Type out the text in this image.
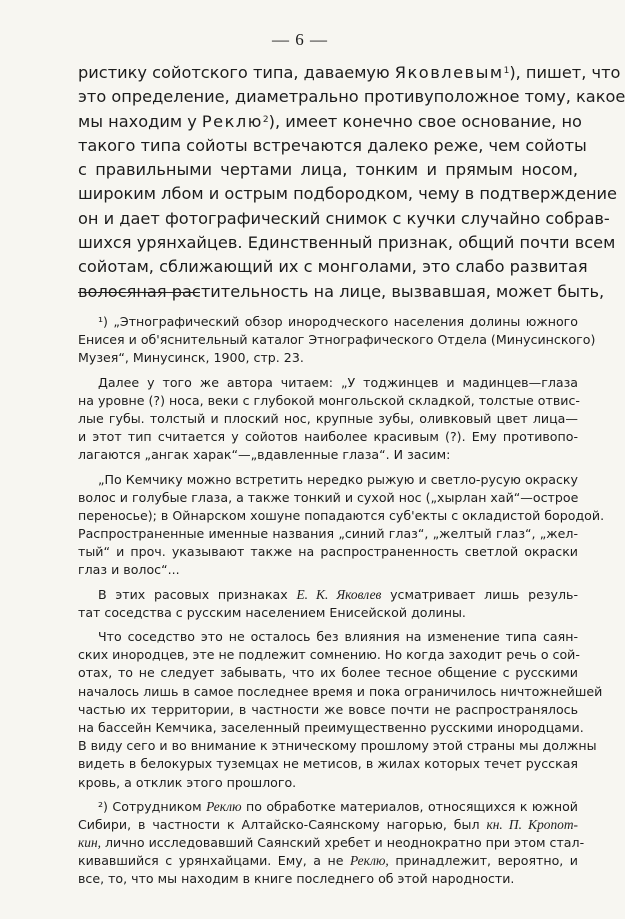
— 6 —
ристику сойотского типа, даваемую Яковлевым$^1$), пишет, что
это определение, диаметрально противуположное тому, какое
мы находим у Реклю$^2$), имеет конечно свое основание, но
такого типа сойоты встречаются далеко реже, чем сойоты
с правильными чертами лица, тонким и прямым носом,
широким лбом и острым подбородком, чему в подтверждение
он и дает фотографический снимок с кучки случайно собрав-
шихся урянхайцев. Единственный признак, общий почти всем
сойотам, сближающий их с монголами, это слабо развитая
волосяная растительность на лице, вызвавшая, может быть,
¹) „Этнографический обзор инородческого населения долины южного
Енисея и об'яснительный каталог Этнографического Отдела (Минусинского)
Музея“, Минусинск, 1900, стр. 23.
Далее у того же автора читаем: „У тоджинцев и мадинцев—глаза
на уровне (?) носа, веки с глубокой монгольской складкой, толстые отвис-
лые губы. толстый и плоский нос, крупные зубы, оливковый цвет лица—
и этот тип считается у сойотов наиболее красивым (?). Ему противопо-
лагаются „ангак харак“—„вдавленные глаза“. И засим:
„По Кемчику можно встретить нередко рыжую и светло-русую окраску
волос и голубые глаза, а также тонкий и сухой нос („хырлан хай“—острое
переносье); в Ойнарском хошуне попадаются суб'екты с окладистой бородой.
Распространенные именные названия „синий глаз“, „желтый глаз“, „жел-
тый“ и проч. указывают также на распространенность светлой окраски
глаз и волос“...
В этих расовых признаках Е. К. Яковлев усматривает лишь резуль-
тат соседства с русским населением Енисейской долины.
Что соседство это не осталось без влияния на изменение типа саян-
ских инородцев, эте не подлежит сомнению. Но когда заходит речь о сой-
отах, то не следует забывать, что их более тесное общение с русскими
началось лишь в самое последнее время и пока ограничилось ничтожнейшей
частью их территории, в частности же вовсе почти не распространялось
на бассейн Кемчика, заселенный преимущественно русскими инородцами.
В виду сего и во внимание к этническому прошлому этой страны мы должны
видеть в белокурых туземцах не метисов, в жилах которых течет русская
кровь, а отклик этого прошлого.
²) Сотрудником Реклю по обработке материалов, относящихся к южной
Сибири, в частности к Алтайско-Саянскому нагорью, был кн. П. Кропот-
кин, лично исследовавший Саянский хребет и неоднократно при этом стал-
кивавшийся с урянхайцами. Ему, а не Реклю, принадлежит, вероятно, и
все, то, что мы находим в книге последнего об этой народности.
